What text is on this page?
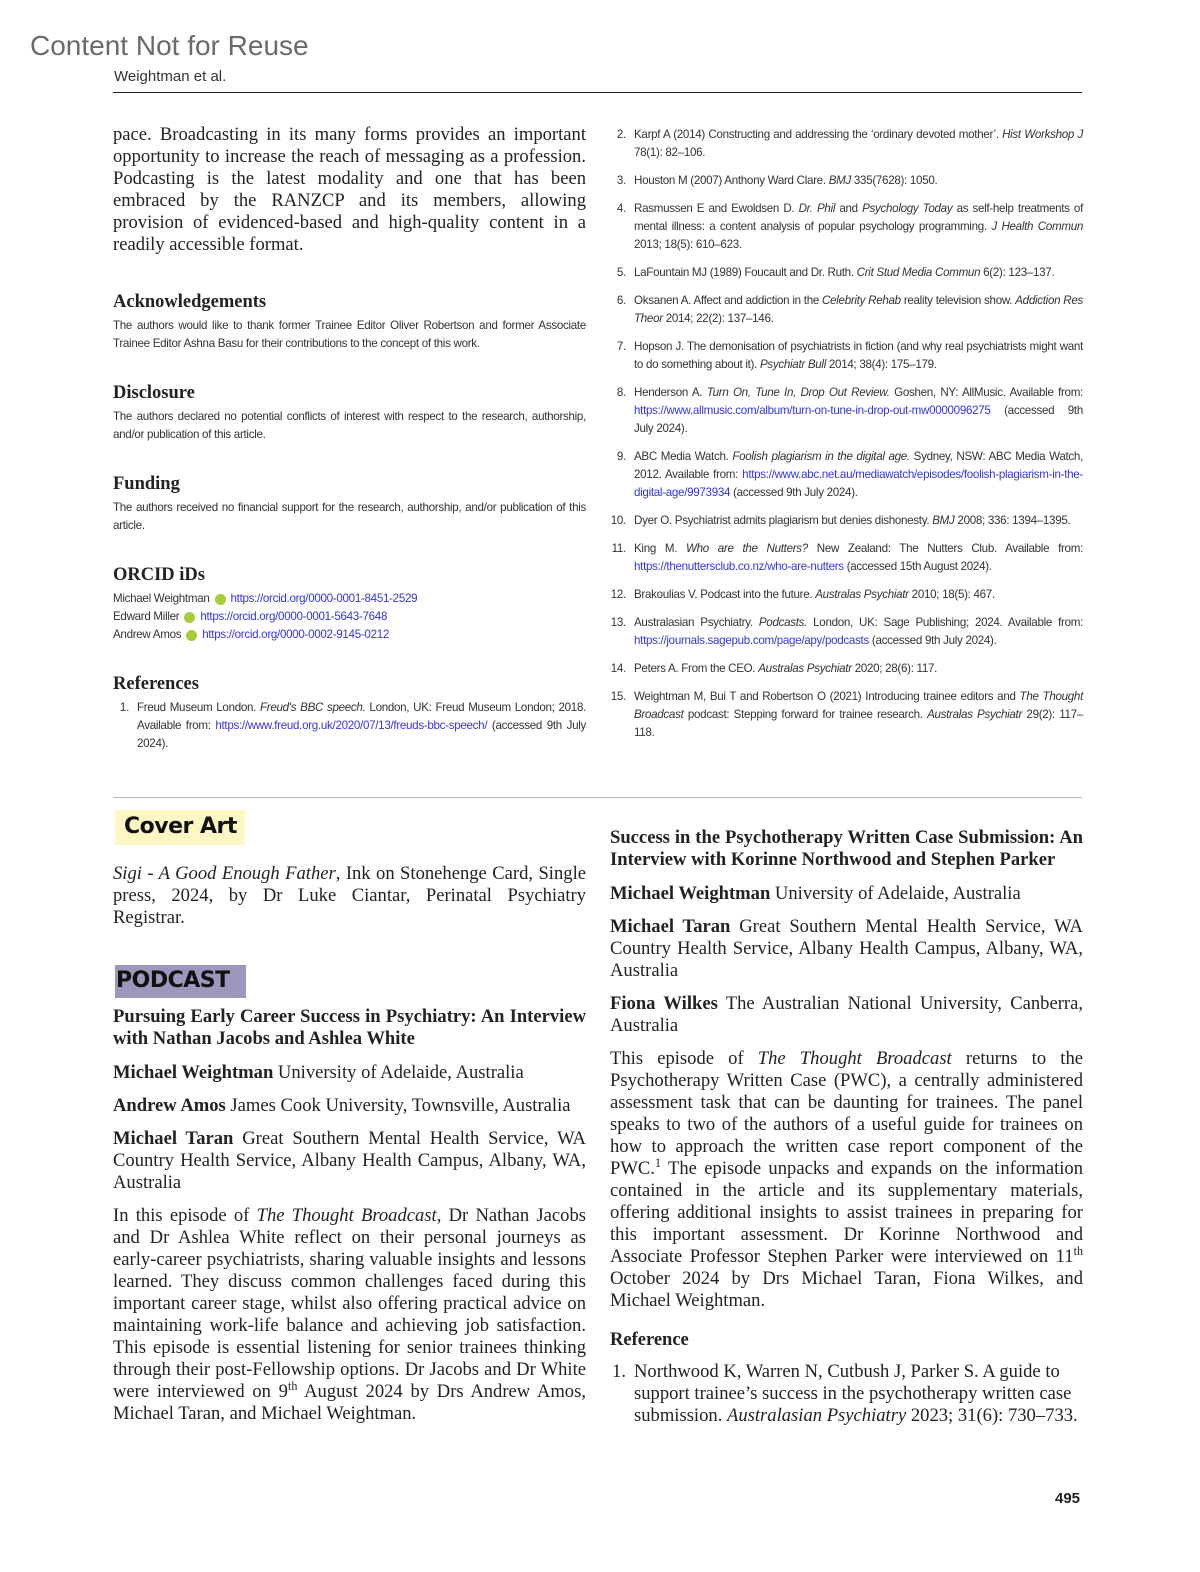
Content Not for Reuse
Weightman et al.
pace. Broadcasting in its many forms provides an important opportunity to increase the reach of messaging as a profession. Podcasting is the latest modality and one that has been embraced by the RANZCP and its members, allowing provision of evidenced-based and high-quality content in a readily accessible format.
Acknowledgements
The authors would like to thank former Trainee Editor Oliver Robertson and former Associate Trainee Editor Ashna Basu for their contributions to the concept of this work.
Disclosure
The authors declared no potential conflicts of interest with respect to the research, authorship, and/or publication of this article.
Funding
The authors received no financial support for the research, authorship, and/or publication of this article.
ORCID iDs
Michael Weightman https://orcid.org/0000-0001-8451-2529
Edward Miller https://orcid.org/0000-0001-5643-7648
Andrew Amos https://orcid.org/0000-0002-9145-0212
References
1. Freud Museum London. Freud's BBC speech. London, UK: Freud Museum London; 2018. Available from: https://www.freud.org.uk/2020/07/13/freuds-bbc-speech/ (accessed 9th July 2024).
2. Karpf A (2014) Constructing and addressing the ‘ordinary devoted mother’. Hist Workshop J 78(1): 82–106.
3. Houston M (2007) Anthony Ward Clare. BMJ 335(7628): 1050.
4. Rasmussen E and Ewoldsen D. Dr. Phil and Psychology Today as self-help treatments of mental illness: a content analysis of popular psychology programming. J Health Commun 2013; 18(5): 610–623.
5. LaFountain MJ (1989) Foucault and Dr. Ruth. Crit Stud Media Commun 6(2): 123–137.
6. Oksanen A. Affect and addiction in the Celebrity Rehab reality television show. Addiction Res Theor 2014; 22(2): 137–146.
7. Hopson J. The demonisation of psychiatrists in fiction (and why real psychiatrists might want to do something about it). Psychiatr Bull 2014; 38(4): 175–179.
8. Henderson A. Turn On, Tune In, Drop Out Review. Goshen, NY: AllMusic. Available from: https://www.allmusic.com/album/turn-on-tune-in-drop-out-mw0000096275 (accessed 9th July 2024).
9. ABC Media Watch. Foolish plagiarism in the digital age. Sydney, NSW: ABC Media Watch, 2012. Available from: https://www.abc.net.au/mediawatch/episodes/foolish-plagiarism-in-the-digital-age/9973934 (accessed 9th July 2024).
10. Dyer O. Psychiatrist admits plagiarism but denies dishonesty. BMJ 2008; 336: 1394–1395.
11. King M. Who are the Nutters? New Zealand: The Nutters Club. Available from: https://thenuttersclub.co.nz/who-are-nutters (accessed 15th August 2024).
12. Brakoulias V. Podcast into the future. Australas Psychiatr 2010; 18(5): 467.
13. Australasian Psychiatry. Podcasts. London, UK: Sage Publishing; 2024. Available from: https://journals.sagepub.com/page/apy/podcasts (accessed 9th July 2024).
14. Peters A. From the CEO. Australas Psychiatr 2020; 28(6): 117.
15. Weightman M, Bui T and Robertson O (2021) Introducing trainee editors and The Thought Broadcast podcast: Stepping forward for trainee research. Australas Psychiatr 29(2): 117–118.
Cover Art
Sigi - A Good Enough Father, Ink on Stonehenge Card, Single press, 2024, by Dr Luke Ciantar, Perinatal Psychiatry Registrar.
PODCAST
Pursuing Early Career Success in Psychiatry: An Interview with Nathan Jacobs and Ashlea White
Michael Weightman University of Adelaide, Australia
Andrew Amos James Cook University, Townsville, Australia
Michael Taran Great Southern Mental Health Service, WA Country Health Service, Albany Health Campus, Albany, WA, Australia
In this episode of The Thought Broadcast, Dr Nathan Jacobs and Dr Ashlea White reflect on their personal journeys as early-career psychiatrists, sharing valuable insights and lessons learned. They discuss common challenges faced during this important career stage, whilst also offering practical advice on maintaining work-life balance and achieving job satisfaction. This episode is essential listening for senior trainees thinking through their post-Fellowship options. Dr Jacobs and Dr White were interviewed on 9th August 2024 by Drs Andrew Amos, Michael Taran, and Michael Weightman.
Success in the Psychotherapy Written Case Submission: An Interview with Korinne Northwood and Stephen Parker
Michael Weightman University of Adelaide, Australia
Michael Taran Great Southern Mental Health Service, WA Country Health Service, Albany Health Campus, Albany, WA, Australia
Fiona Wilkes The Australian National University, Canberra, Australia
This episode of The Thought Broadcast returns to the Psychotherapy Written Case (PWC), a centrally administered assessment task that can be daunting for trainees. The panel speaks to two of the authors of a useful guide for trainees on how to approach the written case report component of the PWC.$^1$ The episode unpacks and expands on the information contained in the article and its supplementary materials, offering additional insights to assist trainees in preparing for this important assessment. Dr Korinne Northwood and Associate Professor Stephen Parker were interviewed on 11th October 2024 by Drs Michael Taran, Fiona Wilkes, and Michael Weightman.
Reference
1. Northwood K, Warren N, Cutbush J, Parker S. A guide to support trainee’s success in the psychotherapy written case submission. Australasian Psychiatry 2023; 31(6): 730–733.
495
